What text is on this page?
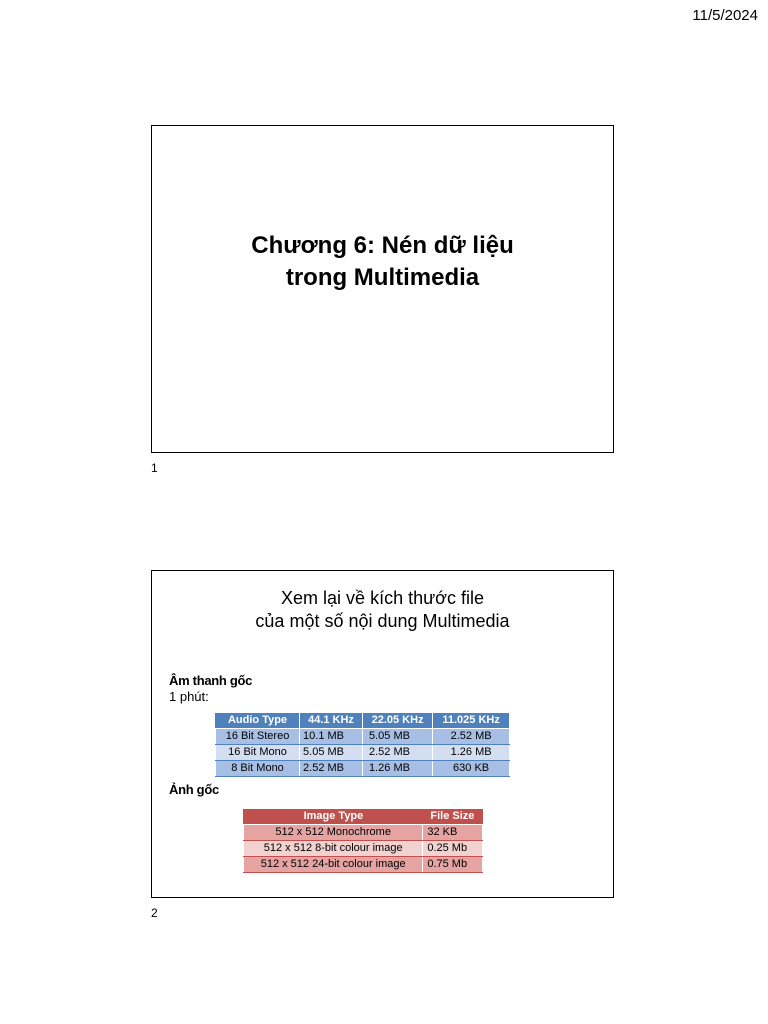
11/5/2024
Chương 6: Nén dữ liệu
trong Multimedia
1
Xem lại về kích thước file
của một số nội dung Multimedia
Âm thanh gốc
1 phút:
Audio Type	44.1 KHz	22.05 KHz	11.025 KHz
16 Bit Stereo	10.1 MB	5.05 MB	2.52 MB
16 Bit Mono	5.05 MB	2.52 MB	1.26 MB
8 Bit Mono	2.52 MB	1.26 MB	630 KB
Ảnh gốc
Image Type	File Size
512 x 512 Monochrome	32 KB
512 x 512 8-bit colour image	0.25 Mb
512 x 512 24-bit colour image	0.75 Mb
2
